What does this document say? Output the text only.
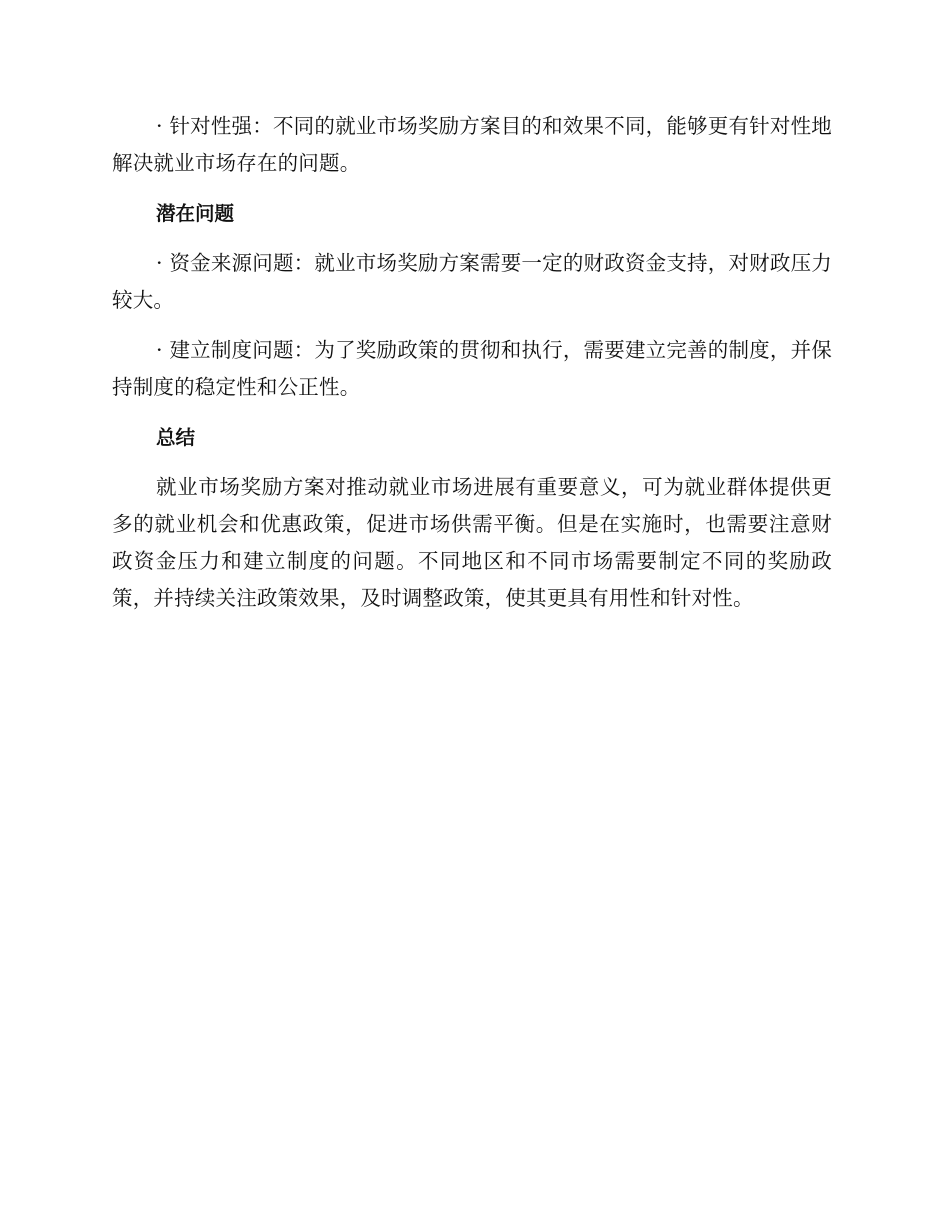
· 针对性强：不同的就业市场奖励方案目的和效果不同，能够更有针对性地解决就业市场存在的问题。

潜在问题

· 资金来源问题：就业市场奖励方案需要一定的财政资金支持，对财政压力较大。

· 建立制度问题：为了奖励政策的贯彻和执行，需要建立完善的制度，并保持制度的稳定性和公正性。

总结

就业市场奖励方案对推动就业市场进展有重要意义，可为就业群体提供更多的就业机会和优惠政策，促进市场供需平衡。但是在实施时，也需要注意财政资金压力和建立制度的问题。不同地区和不同市场需要制定不同的奖励政策，并持续关注政策效果，及时调整政策，使其更具有用性和针对性。
